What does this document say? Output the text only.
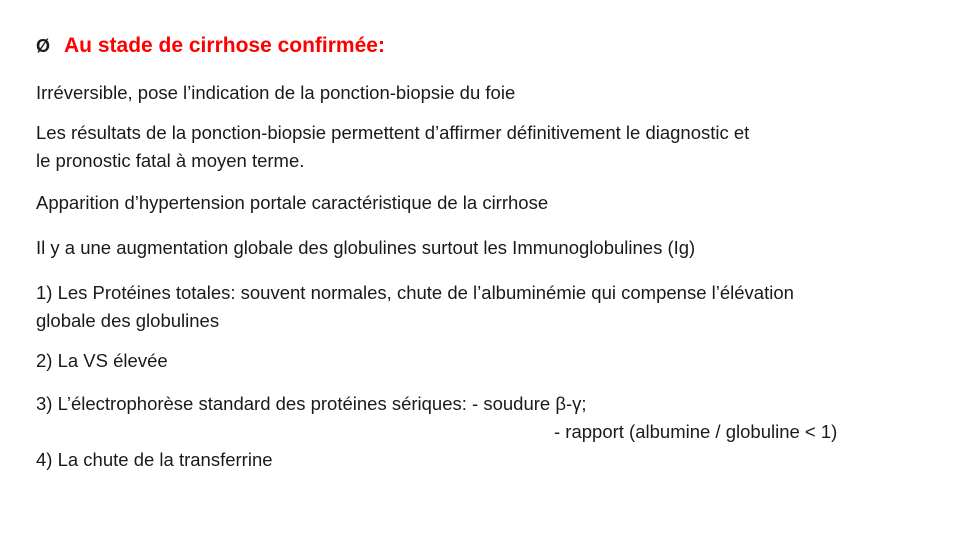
Ø Au stade de cirrhose confirmée:
Irréversible, pose l’indication de la ponction-biopsie du foie
Les résultats de la ponction-biopsie permettent d’affirmer définitivement le diagnostic et
le pronostic fatal à moyen terme.
Apparition d’hypertension portale caractéristique de la cirrhose
Il y a une augmentation globale des globulines surtout les Immunoglobulines (Ig)
1) Les Protéines totales: souvent normales, chute de l’albuminémie qui compense l’élévation
globale des globulines
2) La VS élevée
3) L’électrophorèse standard des protéines sériques: - soudure β-γ;
- rapport (albumine / globuline < 1)
4) La chute de la transferrine
